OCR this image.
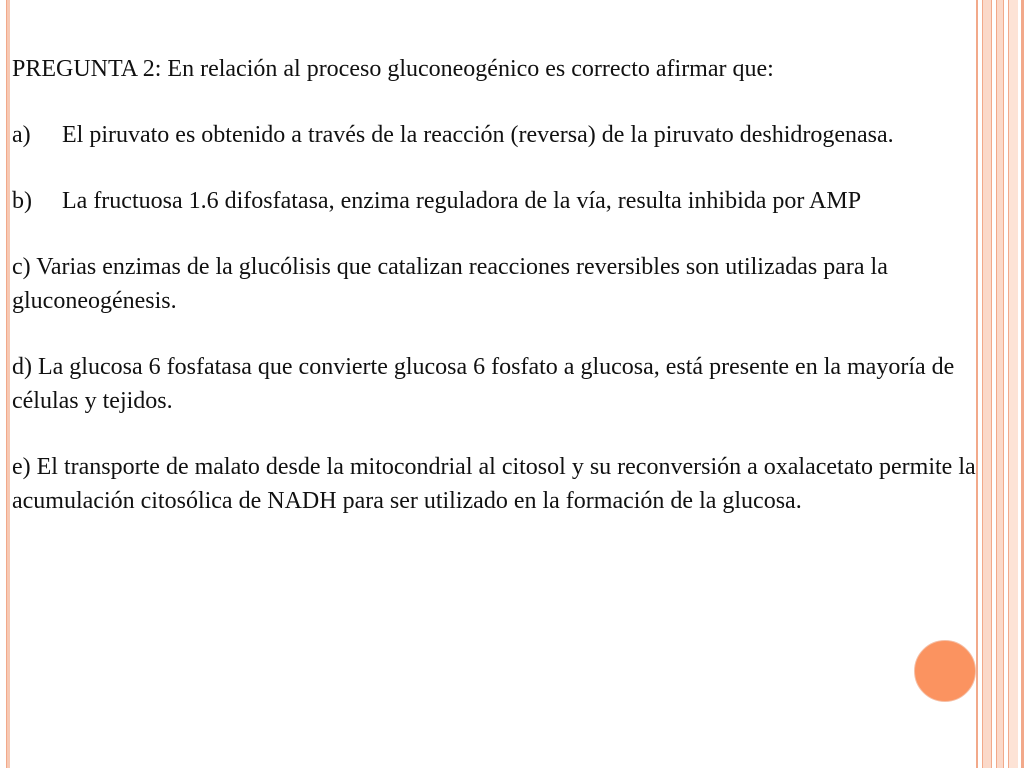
PREGUNTA 2: En relación al proceso gluconeogénico es correcto afirmar que:

a)	El piruvato es obtenido a través de la reacción (reversa) de la piruvato deshidrogenasa.
b)	La fructuosa 1.6 difosfatasa, enzima reguladora de la vía, resulta inhibida por AMP

c) Varias enzimas de la glucólisis que catalizan reacciones reversibles son utilizadas para la gluconeogénesis.

d) La glucosa 6 fosfatasa que convierte glucosa 6 fosfato a glucosa, está presente en la mayoría de células y tejidos.

e) El transporte de malato desde la mitocondrial al citosol y su reconversión a oxalacetato permite la acumulación citosólica de NADH para ser utilizado en la formación de la glucosa.
